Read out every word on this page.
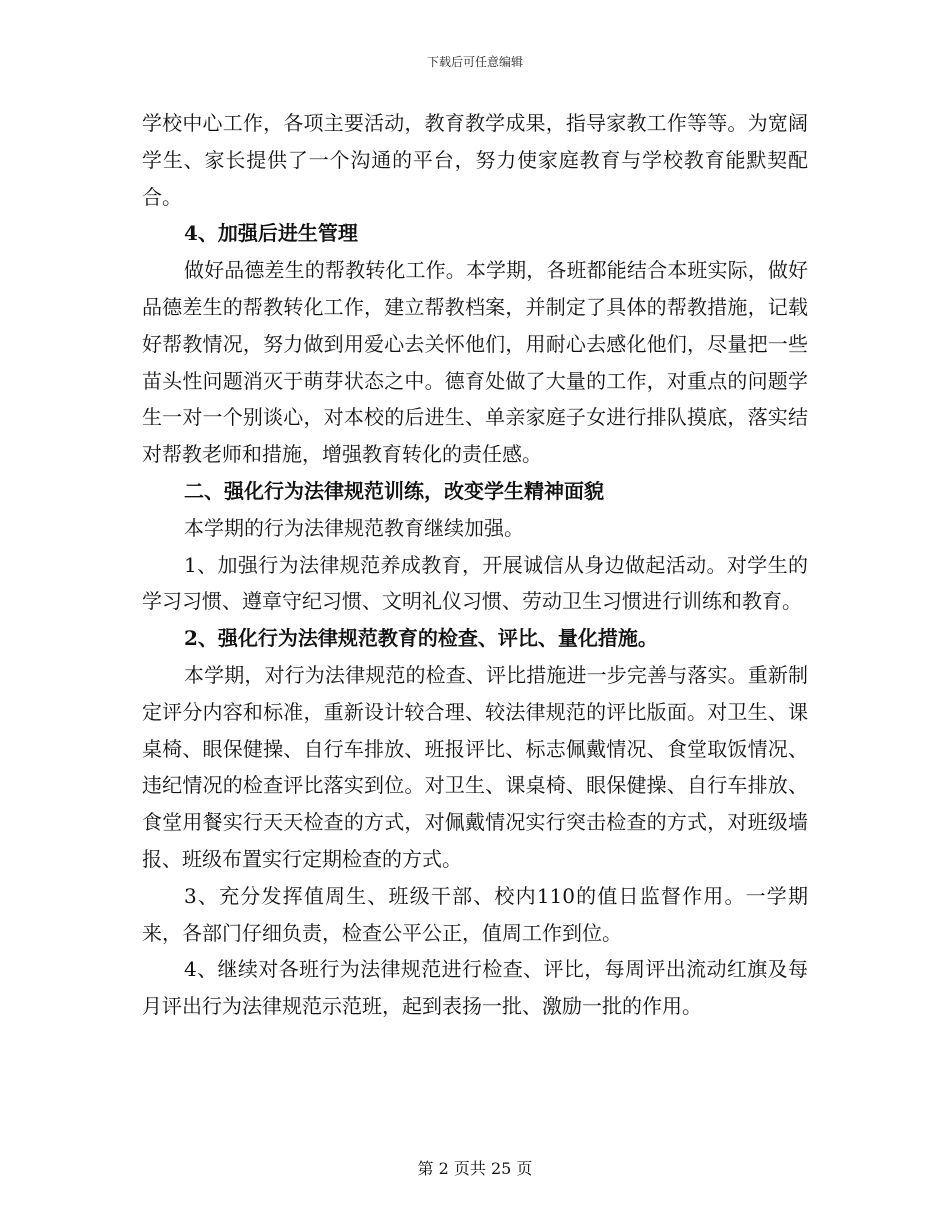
下载后可任意编辑

学校中心工作，各项主要活动，教育教学成果，指导家教工作等等。为宽阔学生、家长提供了一个沟通的平台，努力使家庭教育与学校教育能默契配合。

4、加强后进生管理

做好品德差生的帮教转化工作。本学期，各班都能结合本班实际，做好品德差生的帮教转化工作，建立帮教档案，并制定了具体的帮教措施，记载好帮教情况，努力做到用爱心去关怀他们，用耐心去感化他们，尽量把一些苗头性问题消灭于萌芽状态之中。德育处做了大量的工作，对重点的问题学生一对一个别谈心，对本校的后进生、单亲家庭子女进行排队摸底，落实结对帮教老师和措施，增强教育转化的责任感。

二、强化行为法律规范训练，改变学生精神面貌

本学期的行为法律规范教育继续加强。

1、加强行为法律规范养成教育，开展诚信从身边做起活动。对学生的学习习惯、遵章守纪习惯、文明礼仪习惯、劳动卫生习惯进行训练和教育。

2、强化行为法律规范教育的检查、评比、量化措施。

本学期，对行为法律规范的检查、评比措施进一步完善与落实。重新制定评分内容和标准，重新设计较合理、较法律规范的评比版面。对卫生、课桌椅、眼保健操、自行车排放、班报评比、标志佩戴情况、食堂取饭情况、违纪情况的检查评比落实到位。对卫生、课桌椅、眼保健操、自行车排放、食堂用餐实行天天检查的方式，对佩戴情况实行突击检查的方式，对班级墙报、班级布置实行定期检查的方式。

3、充分发挥值周生、班级干部、校内110的值日监督作用。一学期来，各部门仔细负责，检查公平公正，值周工作到位。

4、继续对各班行为法律规范进行检查、评比，每周评出流动红旗及每月评出行为法律规范示范班，起到表扬一批、激励一批的作用。

第 2 页共 25 页
